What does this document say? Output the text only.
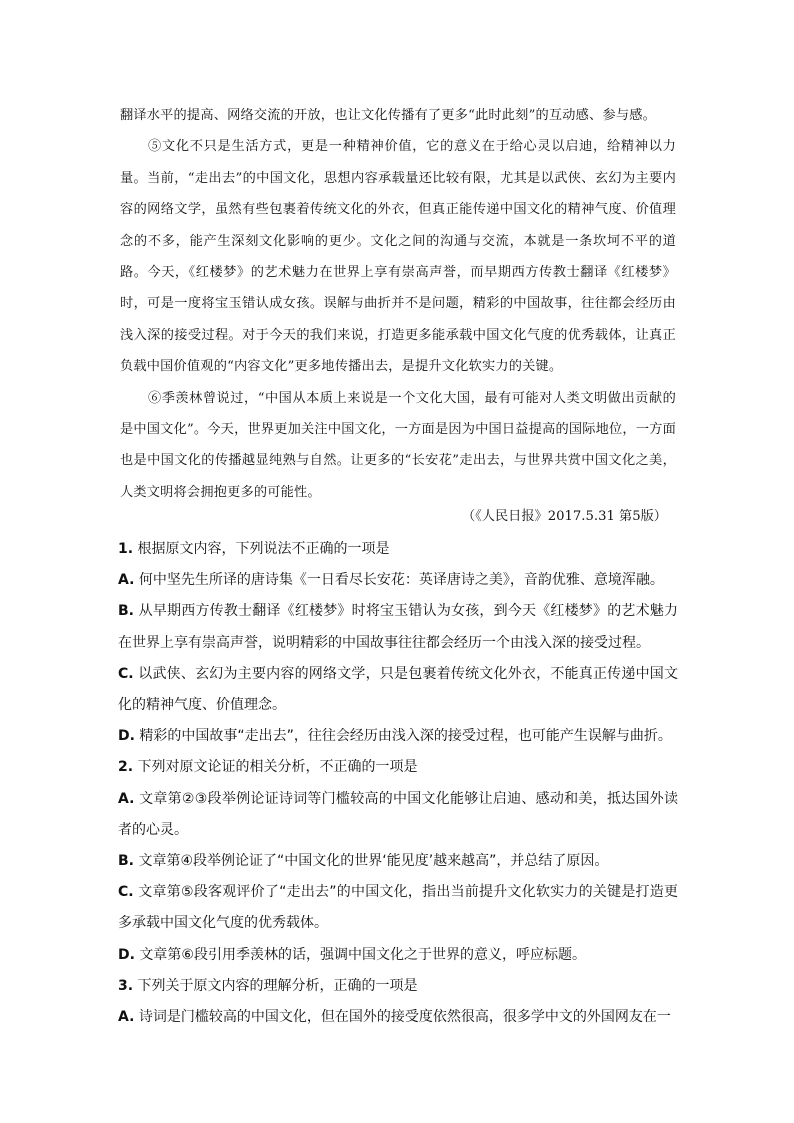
翻译水平的提高、网络交流的开放，也让文化传播有了更多“此时此刻”的互动感、参与感。

⑤文化不只是生活方式，更是一种精神价值，它的意义在于给心灵以启迪，给精神以力量。当前，“走出去”的中国文化，思想内容承载量还比较有限，尤其是以武侠、玄幻为主要内容的网络文学，虽然有些包裹着传统文化的外衣，但真正能传递中国文化的精神气度、价值理念的不多，能产生深刻文化影响的更少。文化之间的沟通与交流，本就是一条坎坷不平的道路。今天，《红楼梦》的艺术魅力在世界上享有崇高声誉，而早期西方传教士翻译《红楼梦》时，可是一度将宝玉错认成女孩。误解与曲折并不是问题，精彩的中国故事，往往都会经历由浅入深的接受过程。对于今天的我们来说，打造更多能承载中国文化气度的优秀载体，让真正负载中国价值观的“内容文化”更多地传播出去，是提升文化软实力的关键。

⑥季羡林曾说过，“中国从本质上来说是一个文化大国，最有可能对人类文明做出贡献的是中国文化”。今天，世界更加关注中国文化，一方面是因为中国日益提高的国际地位，一方面也是中国文化的传播越显纯熟与自然。让更多的“长安花”走出去，与世界共赏中国文化之美，人类文明将会拥抱更多的可能性。

（《人民日报》2017.5.31 第5版）

1. 根据原文内容，下列说法不正确的一项是

A. 何中坚先生所译的唐诗集《一日看尽长安花：英译唐诗之美》，音韵优雅、意境浑融。

B. 从早期西方传教士翻译《红楼梦》时将宝玉错认为女孩，到今天《红楼梦》的艺术魅力在世界上享有崇高声誉，说明精彩的中国故事往往都会经历一个由浅入深的接受过程。

C. 以武侠、玄幻为主要内容的网络文学，只是包裹着传统文化外衣，不能真正传递中国文化的精神气度、价值理念。

D. 精彩的中国故事“走出去”，往往会经历由浅入深的接受过程，也可能产生误解与曲折。

2. 下列对原文论证的相关分析，不正确的一项是

A. 文章第②③段举例论证诗词等门槛较高的中国文化能够让启迪、感动和美，抵达国外读者的心灵。

B. 文章第④段举例论证了“中国文化的世界‘能见度’越来越高”，并总结了原因。

C. 文章第⑤段客观评价了“走出去”的中国文化，指出当前提升文化软实力的关键是打造更多承载中国文化气度的优秀载体。

D. 文章第⑥段引用季羡林的话，强调中国文化之于世界的意义，呼应标题。

3. 下列关于原文内容的理解分析，正确的一项是

A. 诗词是门槛较高的中国文化，但在国外的接受度依然很高，很多学中文的外国网友在一
